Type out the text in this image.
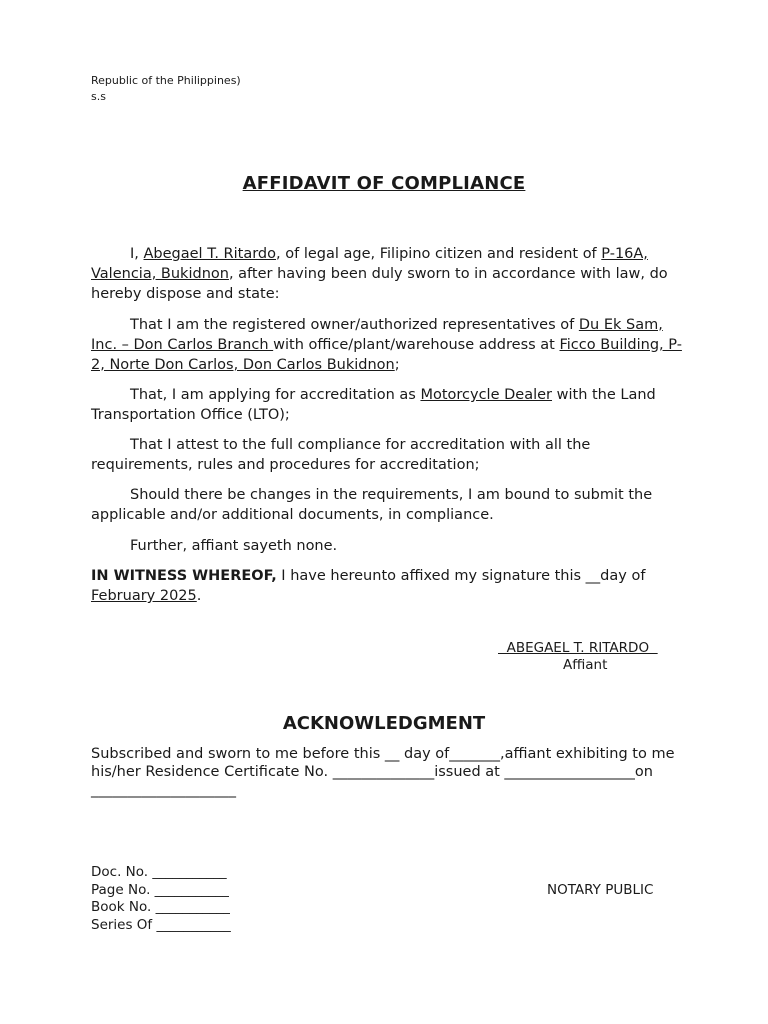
Republic of the Philippines)
s.s
AFFIDAVIT OF COMPLIANCE
I, Abegael T. Ritardo, of legal age, Filipino citizen and resident of P-16A, Valencia, Bukidnon, after having been duly sworn to in accordance with law, do hereby dispose and state:
That I am the registered owner/authorized representatives of Du Ek Sam, Inc. – Don Carlos Branch with office/plant/warehouse address at Ficco Building, P-2, Norte Don Carlos, Don Carlos Bukidnon;
That, I am applying for accreditation as Motorcycle Dealer with the Land Transportation Office (LTO);
That I attest to the full compliance for accreditation with all the requirements, rules and procedures for accreditation;
Should there be changes in the requirements, I am bound to submit the applicable and/or additional documents, in compliance.
Further, affiant sayeth none.
IN WITNESS WHEREOF, I have hereunto affixed my signature this __day of February 2025.
ABEGAEL T. RITARDO
Affiant
ACKNOWLEDGMENT
Subscribed and sworn to me before this __ day of_______,affiant exhibiting to me his/her Residence Certificate No. ______________issued at __________________on ____________________
Doc. No. ___________
Page No. ___________
Book No. ___________
Series Of ___________
NOTARY PUBLIC
